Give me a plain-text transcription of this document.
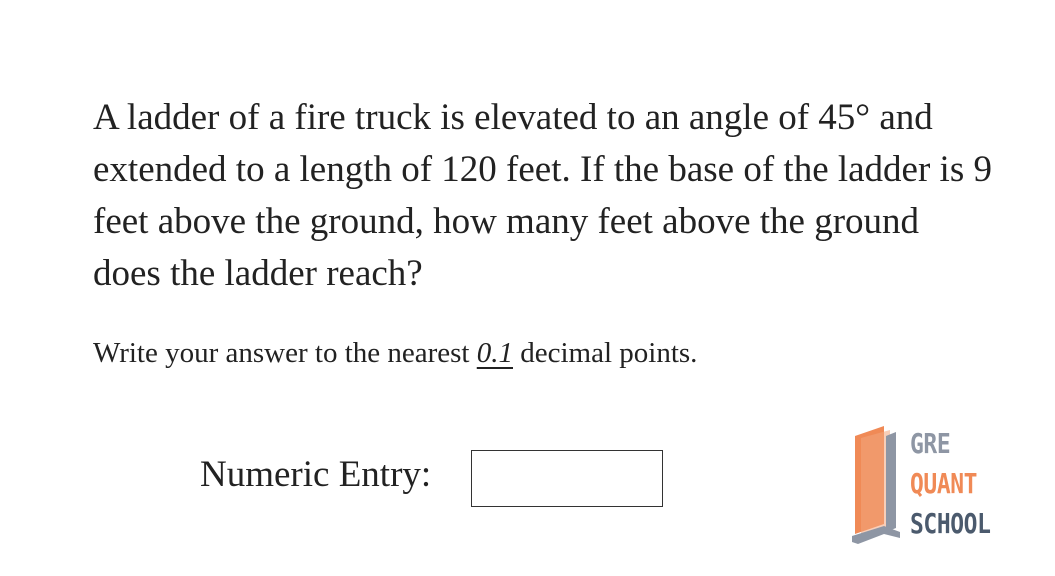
A ladder of a fire truck is elevated to an angle of 45° and extended to a length of 120 feet. If the base of the ladder is 9 feet above the ground, how many feet above the ground does the ladder reach?

Write your answer to the nearest 0.1 decimal points.

Numeric Entry:
GRE
QUANT
SCHOOL
